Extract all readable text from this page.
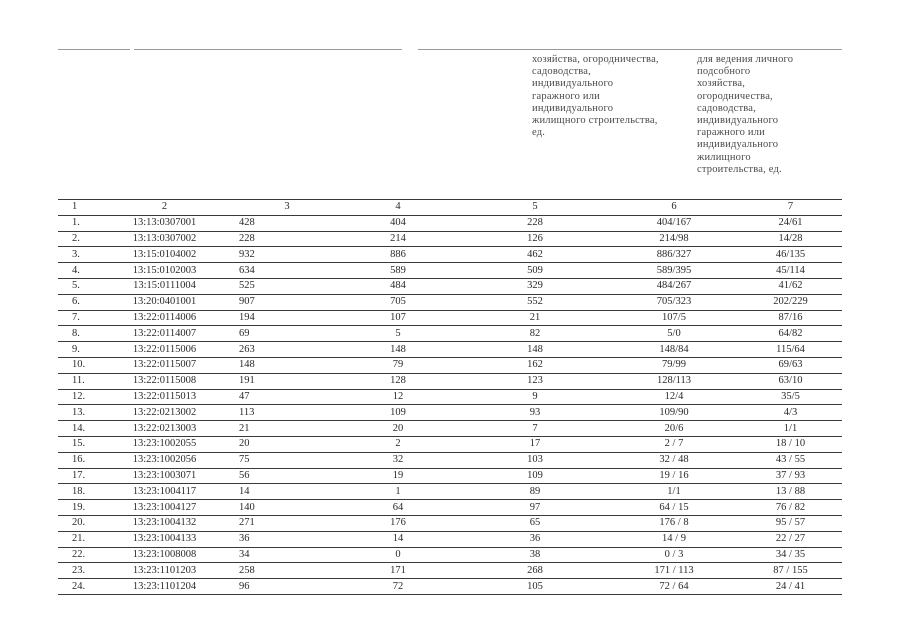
хозяйства, огородничества,
садоводства,
индивидуального
гаражного или
индивидуального
жилищного строительства,
ед.
для ведения личного
подсобного
хозяйства,
огородничества,
садоводства,
индивидуального
гаражного или
индивидуального
жилищного
строительства, ед.
1	2	3	4	5	6	7
1.	13:13:0307001	428	404	228	404/167	24/61
2.	13:13:0307002	228	214	126	214/98	14/28
3.	13:15:0104002	932	886	462	886/327	46/135
4.	13:15:0102003	634	589	509	589/395	45/114
5.	13:15:0111004	525	484	329	484/267	41/62
6.	13:20:0401001	907	705	552	705/323	202/229
7.	13:22:0114006	194	107	21	107/5	87/16
8.	13:22:0114007	69	5	82	5/0	64/82
9.	13:22:0115006	263	148	148	148/84	115/64
10.	13:22:0115007	148	79	162	79/99	69/63
11.	13:22:0115008	191	128	123	128/113	63/10
12.	13:22:0115013	47	12	9	12/4	35/5
13.	13:22:0213002	113	109	93	109/90	4/3
14.	13:22:0213003	21	20	7	20/6	1/1
15.	13:23:1002055	20	2	17	2 / 7	18 / 10
16.	13:23:1002056	75	32	103	32 / 48	43 / 55
17.	13:23:1003071	56	19	109	19 / 16	37 / 93
18.	13:23:1004117	14	1	89	1/1	13 / 88
19.	13:23:1004127	140	64	97	64 / 15	76 / 82
20.	13:23:1004132	271	176	65	176 / 8	95 / 57
21.	13:23:1004133	36	14	36	14 / 9	22 / 27
22.	13:23:1008008	34	0	38	0 / 3	34 / 35
23.	13:23:1101203	258	171	268	171 / 113	87 / 155
24.	13:23:1101204	96	72	105	72 / 64	24 / 41
